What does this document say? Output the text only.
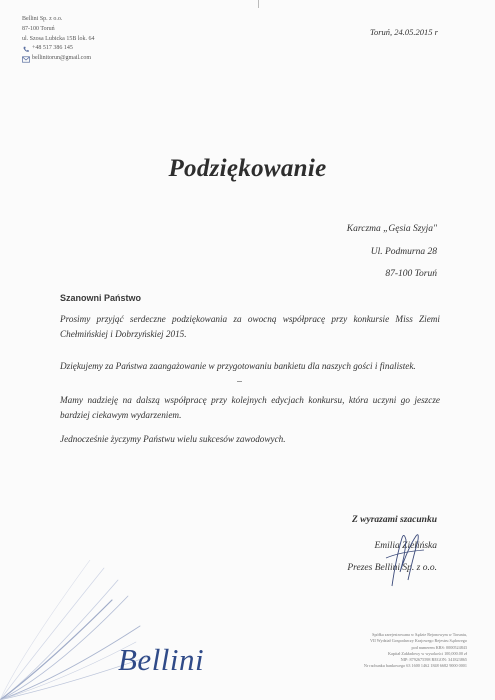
Bellini Sp. z o.o.
87-100 Toruń
ul. Szosa Lubicka 15B lok. 64
+48 517 386 145
bellinitorun@gmail.com
Toruń, 24.05.2015 r
Podziękowanie
Karczma „Gęsia Szyja"
Ul. Podmurna 28
87-100 Toruń
Szanowni Państwo
Prosimy przyjąć serdeczne podziękowania za owocną współpracę przy konkursie Miss Ziemi Chełmińskiej i Dobrzyńskiej 2015.
Dziękujemy za Państwa zaangażowanie w przygotowaniu bankietu dla naszych gości i finalistek.
Mamy nadzieję na dalszą współpracę przy kolejnych edycjach konkursu, która uczyni go jeszcze bardziej ciekawym wydarzeniem.
Jednocześnie życzymy Państwu wielu sukcesów zawodowych.
Z wyrazami szacunku
Emilia Zielińska
Prezes Bellini Sp. z o.o.
Bellini
Spółka zarejestrowana w Sądzie Rejonowym w Toruniu,
VII Wydział Gospodarczy Krajowego Rejestru Sądowego
pod numerem KRS: 0000524843
Kapitał Zakładowy w wysokości 100,000.00 zł
NIP: 8792675598 REGON: 341823865
Nr rachunku bankowego 63 1600 1462 1848 6682 9000 0001
